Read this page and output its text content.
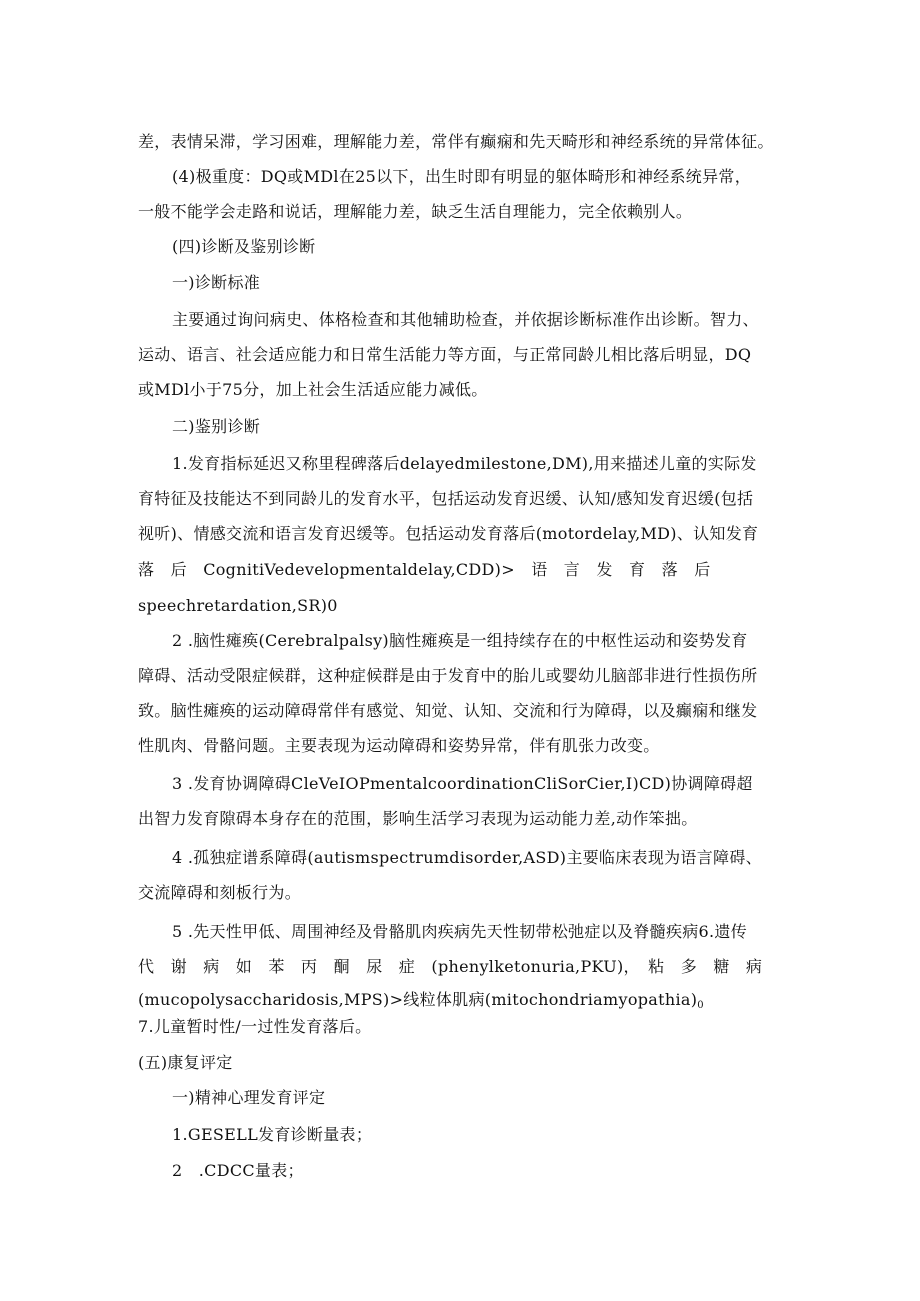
差，表情呆滞，学习困难，理解能力差，常伴有癫痫和先天畸形和神经系统的异常体征。
(4)极重度：DQ或MDl在25以下，出生时即有明显的躯体畸形和神经系统异常，
一般不能学会走路和说话，理解能力差，缺乏生活自理能力，完全依赖别人。
(四)诊断及鉴别诊断
一)诊断标准
主要通过询问病史、体格检查和其他辅助检查，并依据诊断标准作出诊断。智力、
运动、语言、社会适应能力和日常生活能力等方面，与正常同龄儿相比落后明显，DQ
或MDl小于75分，加上社会生活适应能力减低。
二)鉴别诊断
1.发育指标延迟又称里程碑落后delayedmilestone,DM),用来描述儿童的实际发
育特征及技能达不到同龄儿的发育水平，包括运动发育迟缓、认知/感知发育迟缓(包括
视听)、情感交流和语言发育迟缓等。包括运动发育落后(motordelay,MD)、认知发育
落　后　CognitiVedevelopmentaldelay,CDD)>　语　言　发　育　落　后
speechretardation,SR)0
2 .脑性瘫痪(Cerebralpalsy)脑性瘫痪是一组持续存在的中枢性运动和姿势发育
障碍、活动受限症候群，这种症候群是由于发育中的胎儿或婴幼儿脑部非进行性损伤所
致。脑性瘫痪的运动障碍常伴有感觉、知觉、认知、交流和行为障碍，以及癫痫和继发
性肌肉、骨骼问题。主要表现为运动障碍和姿势异常，伴有肌张力改变。
3 .发育协调障碍CleVeIOPmentalcoordinationCliSorCier,I)CD)协调障碍超
出智力发育隙碍本身存在的范围，影响生活学习表现为运动能力差,动作笨拙。
4 .孤独症谱系障碍(autismspectrumdisorder,ASD)主要临床表现为语言障碍、
交流障碍和刻板行为。
5 .先天性甲低、周围神经及骨骼肌肉疾病先天性韧带松弛症以及脊髓疾病6.遗传
代　谢　病　如　苯　丙　酮　尿　症　(phenylketonuria,PKU)，　粘　多　糖　病
(mucopolysaccharidosis,MPS)>线粒体肌病$(mitochondriamyopathia)_0$
7.儿童暂时性/一过性发育落后。
(五)康复评定
一)精神心理发育评定
1.GESELL发育诊断量表；
2　.CDCC量表；
